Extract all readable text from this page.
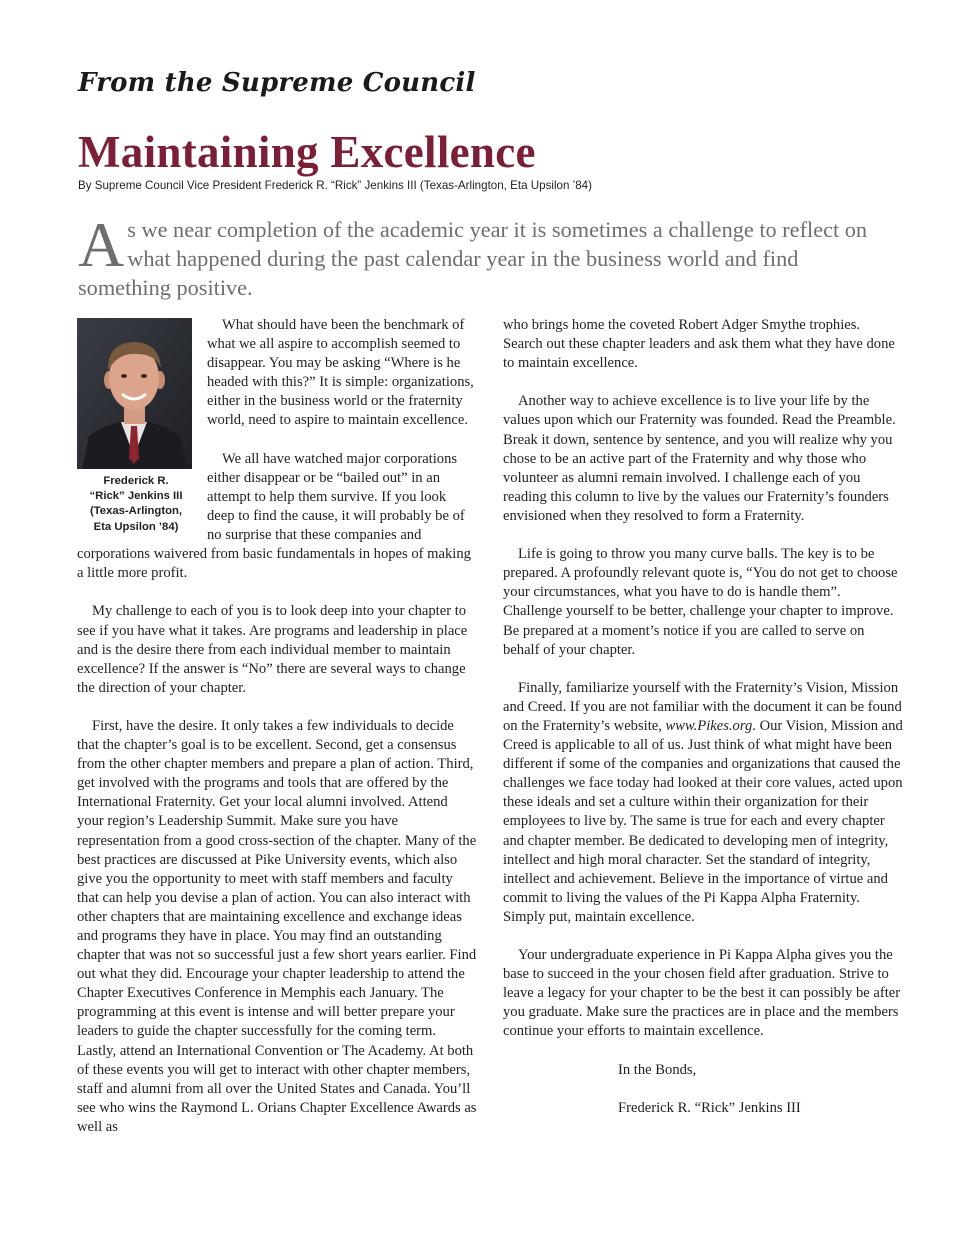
From the Supreme Council
Maintaining Excellence
By Supreme Council Vice President Frederick R. “Rick” Jenkins III (Texas-Arlington, Eta Upsilon ’84)
As we near completion of the academic year it is sometimes a challenge to reflect on what happened during the past calendar year in the business world and find something positive.
Frederick R.
“Rick” Jenkins III
(Texas-Arlington,
Eta Upsilon ’84)

What should have been the benchmark of what we all aspire to accomplish seemed to disappear. You may be asking “Where is he headed with this?” It is simple: organizations, either in the business world or the fraternity world, need to aspire to maintain excellence.

We all have watched major corporations either disappear or be “bailed out” in an attempt to help them survive. If you look deep to find the cause, it will probably be of no surprise that these companies and corporations waivered from basic fundamentals in hopes of making a little more profit.

My challenge to each of you is to look deep into your chapter to see if you have what it takes. Are programs and leadership in place and is the desire there from each individual member to maintain excellence? If the answer is “No” there are several ways to change the direction of your chapter.

First, have the desire. It only takes a few individuals to decide that the chapter’s goal is to be excellent. Second, get a consensus from the other chapter members and prepare a plan of action. Third, get involved with the programs and tools that are offered by the International Fraternity. Get your local alumni involved. Attend your region’s Leadership Summit. Make sure you have representation from a good cross-section of the chapter. Many of the best practices are discussed at Pike University events, which also give you the opportunity to meet with staff members and faculty that can help you devise a plan of action. You can also interact with other chapters that are maintaining excellence and exchange ideas and programs they have in place. You may find an outstanding chapter that was not so successful just a few short years earlier. Find out what they did. Encourage your chapter leadership to attend the Chapter Executives Conference in Memphis each January. The programming at this event is intense and will better prepare your leaders to guide the chapter successfully for the coming term. Lastly, attend an International Convention or The Academy. At both of these events you will get to interact with other chapter members, staff and alumni from all over the United States and Canada. You’ll see who wins the Raymond L. Orians Chapter Excellence Awards as well as

who brings home the coveted Robert Adger Smythe trophies. Search out these chapter leaders and ask them what they have done to maintain excellence.

Another way to achieve excellence is to live your life by the values upon which our Fraternity was founded. Read the Preamble. Break it down, sentence by sentence, and you will realize why you chose to be an active part of the Fraternity and why those who volunteer as alumni remain involved. I challenge each of you reading this column to live by the values our Fraternity’s founders envisioned when they resolved to form a Fraternity.

Life is going to throw you many curve balls. The key is to be prepared. A profoundly relevant quote is, “You do not get to choose your circumstances, what you have to do is handle them”. Challenge yourself to be better, challenge your chapter to improve. Be prepared at a moment’s notice if you are called to serve on behalf of your chapter.

Finally, familiarize yourself with the Fraternity’s Vision, Mission and Creed. If you are not familiar with the document it can be found on the Fraternity’s website, www.Pikes.org. Our Vision, Mission and Creed is applicable to all of us. Just think of what might have been different if some of the companies and organizations that caused the challenges we face today had looked at their core values, acted upon these ideals and set a culture within their organization for their employees to live by. The same is true for each and every chapter and chapter member. Be dedicated to developing men of integrity, intellect and high moral character. Set the standard of integrity, intellect and achievement. Believe in the importance of virtue and commit to living the values of the Pi Kappa Alpha Fraternity. Simply put, maintain excellence.

Your undergraduate experience in Pi Kappa Alpha gives you the base to succeed in the your chosen field after graduation. Strive to leave a legacy for your chapter to be the best it can possibly be after you graduate. Make sure the practices are in place and the members continue your efforts to maintain excellence.

In the Bonds,

Frederick R. “Rick” Jenkins III
